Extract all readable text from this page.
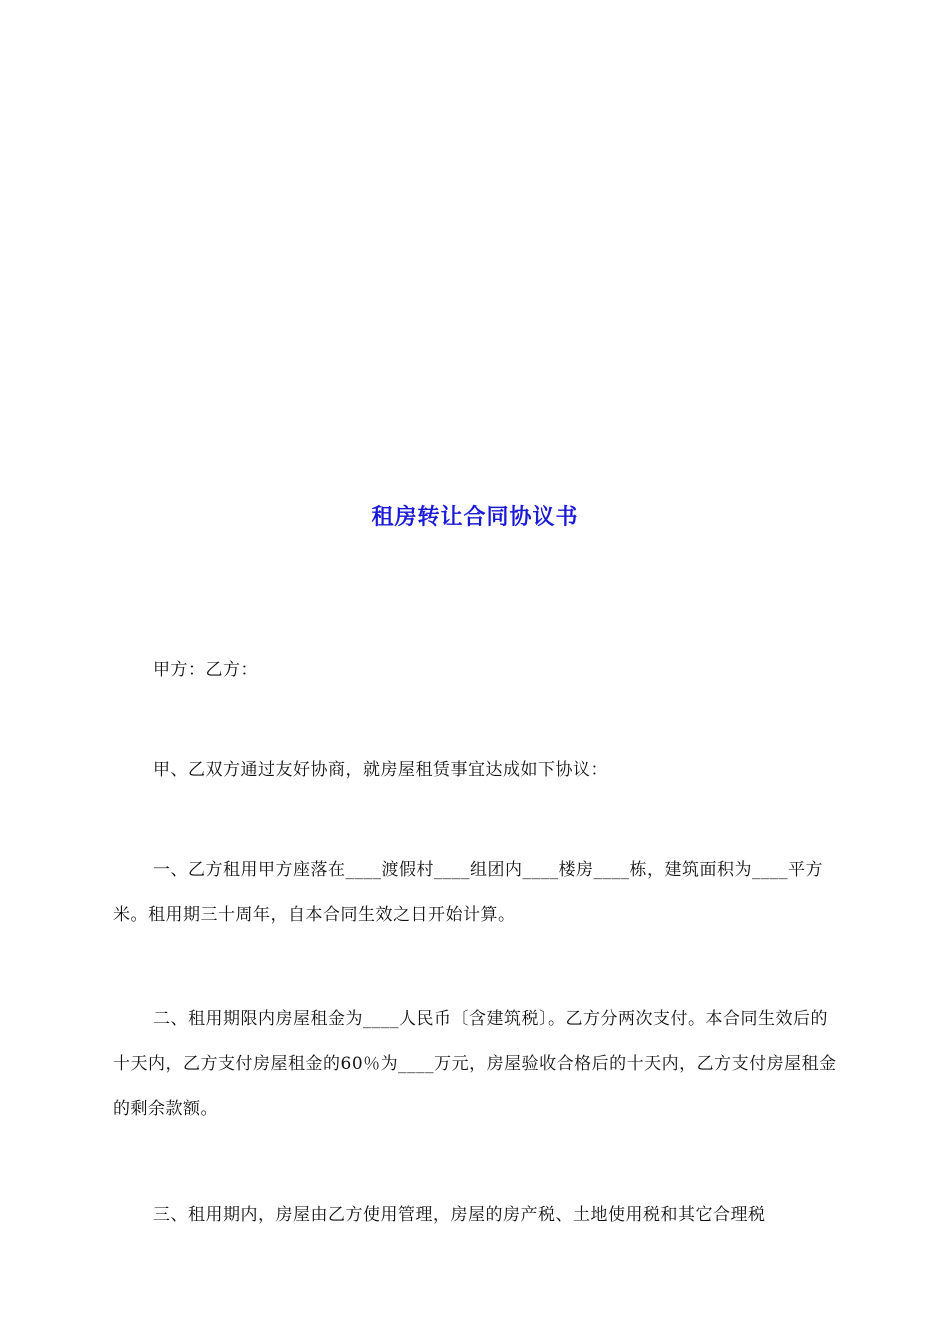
租房转让合同协议书

甲方：乙方：

甲、乙双方通过友好协商，就房屋租赁事宜达成如下协议：

一、乙方租用甲方座落在____渡假村____组团内____楼房____栋，建筑面积为____平方米。租用期三十周年，自本合同生效之日开始计算。

二、租用期限内房屋租金为____人民币〔含建筑税〕。乙方分两次支付。本合同生效后的十天内，乙方支付房屋租金的60％为____万元，房屋验收合格后的十天内，乙方支付房屋租金的剩余款额。

三、租用期内，房屋由乙方使用管理，房屋的房产税、土地使用税和其它合理税
